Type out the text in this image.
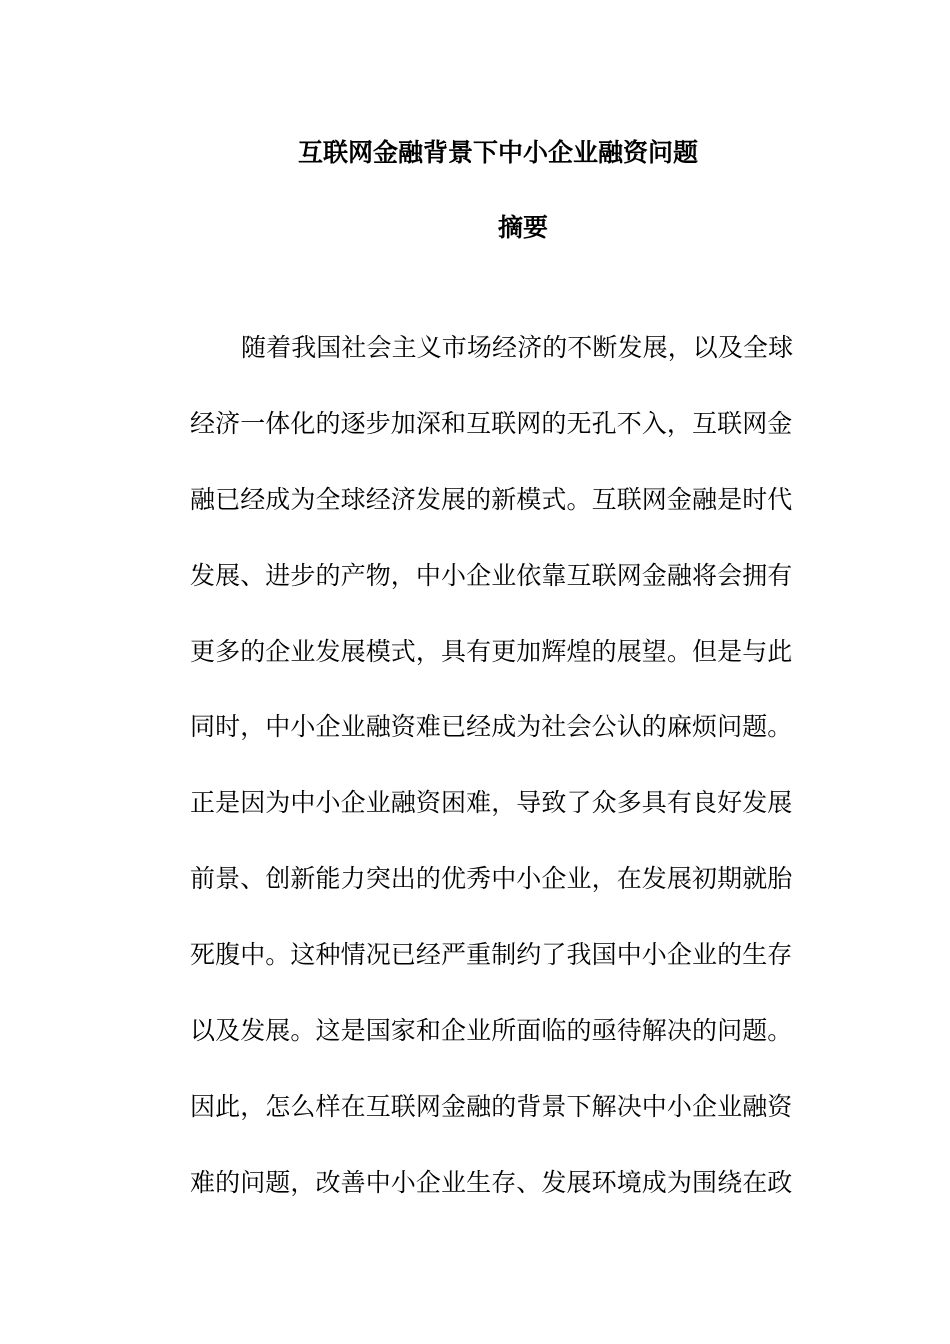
互联网金融背景下中小企业融资问题
摘要
随着我国社会主义市场经济的不断发展，以及全球
经济一体化的逐步加深和互联网的无孔不入，互联网金
融已经成为全球经济发展的新模式。互联网金融是时代
发展、进步的产物，中小企业依靠互联网金融将会拥有
更多的企业发展模式，具有更加辉煌的展望。但是与此
同时，中小企业融资难已经成为社会公认的麻烦问题。
正是因为中小企业融资困难，导致了众多具有良好发展
前景、创新能力突出的优秀中小企业，在发展初期就胎
死腹中。这种情况已经严重制约了我国中小企业的生存
以及发展。这是国家和企业所面临的亟待解决的问题。
因此，怎么样在互联网金融的背景下解决中小企业融资
难的问题，改善中小企业生存、发展环境成为围绕在政
